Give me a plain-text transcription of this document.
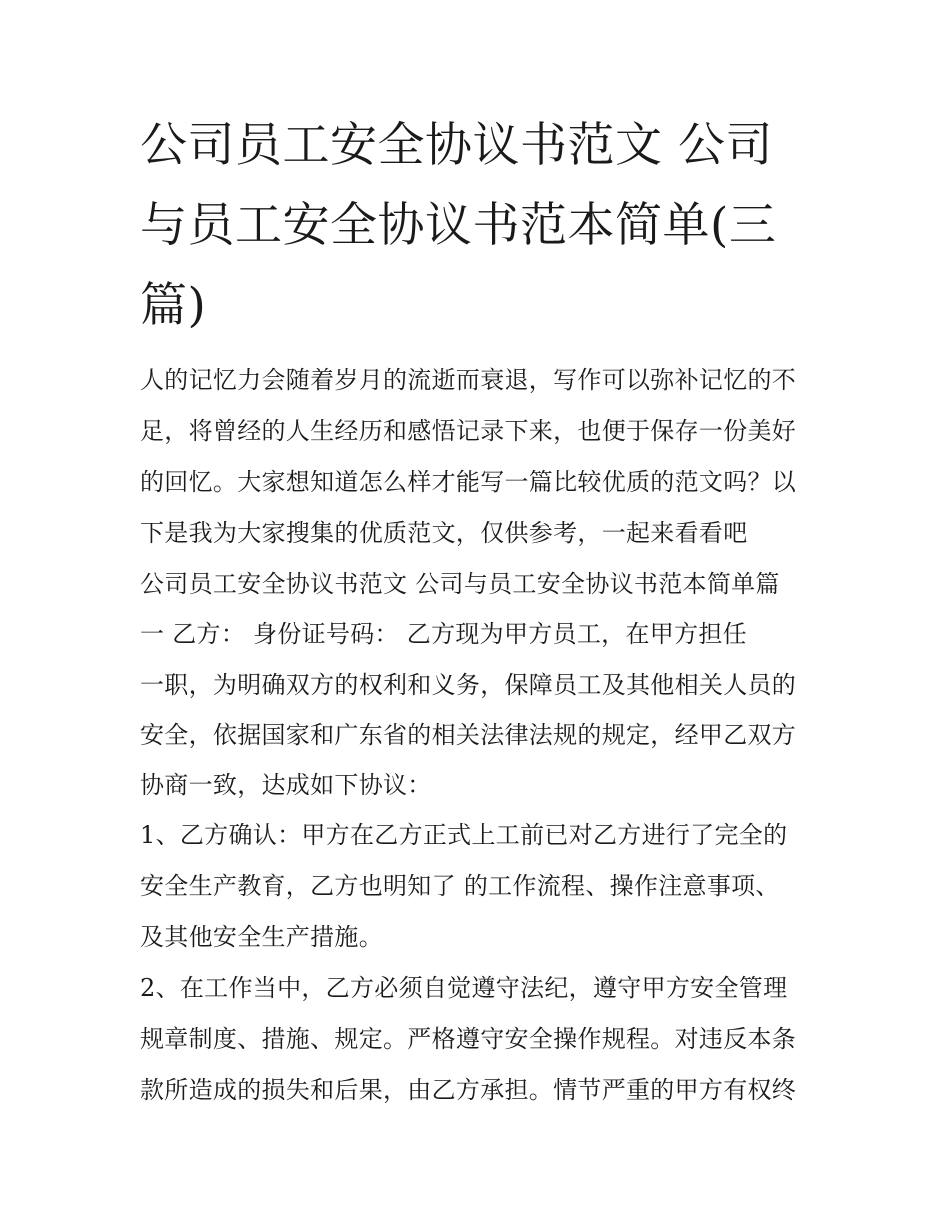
公司员工安全协议书范文 公司
与员工安全协议书范本简单(三
篇)
人的记忆力会随着岁月的流逝而衰退，写作可以弥补记忆的不
足，将曾经的人生经历和感悟记录下来，也便于保存一份美好
的回忆。大家想知道怎么样才能写一篇比较优质的范文吗？以
下是我为大家搜集的优质范文，仅供参考，一起来看看吧
公司员工安全协议书范文 公司与员工安全协议书范本简单篇
一 乙方： 身份证号码： 乙方现为甲方员工，在甲方担任
一职，为明确双方的权利和义务，保障员工及其他相关人员的
安全，依据国家和广东省的相关法律法规的规定，经甲乙双方
协商一致，达成如下协议：
1、乙方确认：甲方在乙方正式上工前已对乙方进行了完全的
安全生产教育，乙方也明知了 的工作流程、操作注意事项、
及其他安全生产措施。
2、在工作当中，乙方必须自觉遵守法纪，遵守甲方安全管理
规章制度、措施、规定。严格遵守安全操作规程。对违反本条
款所造成的损失和后果，由乙方承担。情节严重的甲方有权终
